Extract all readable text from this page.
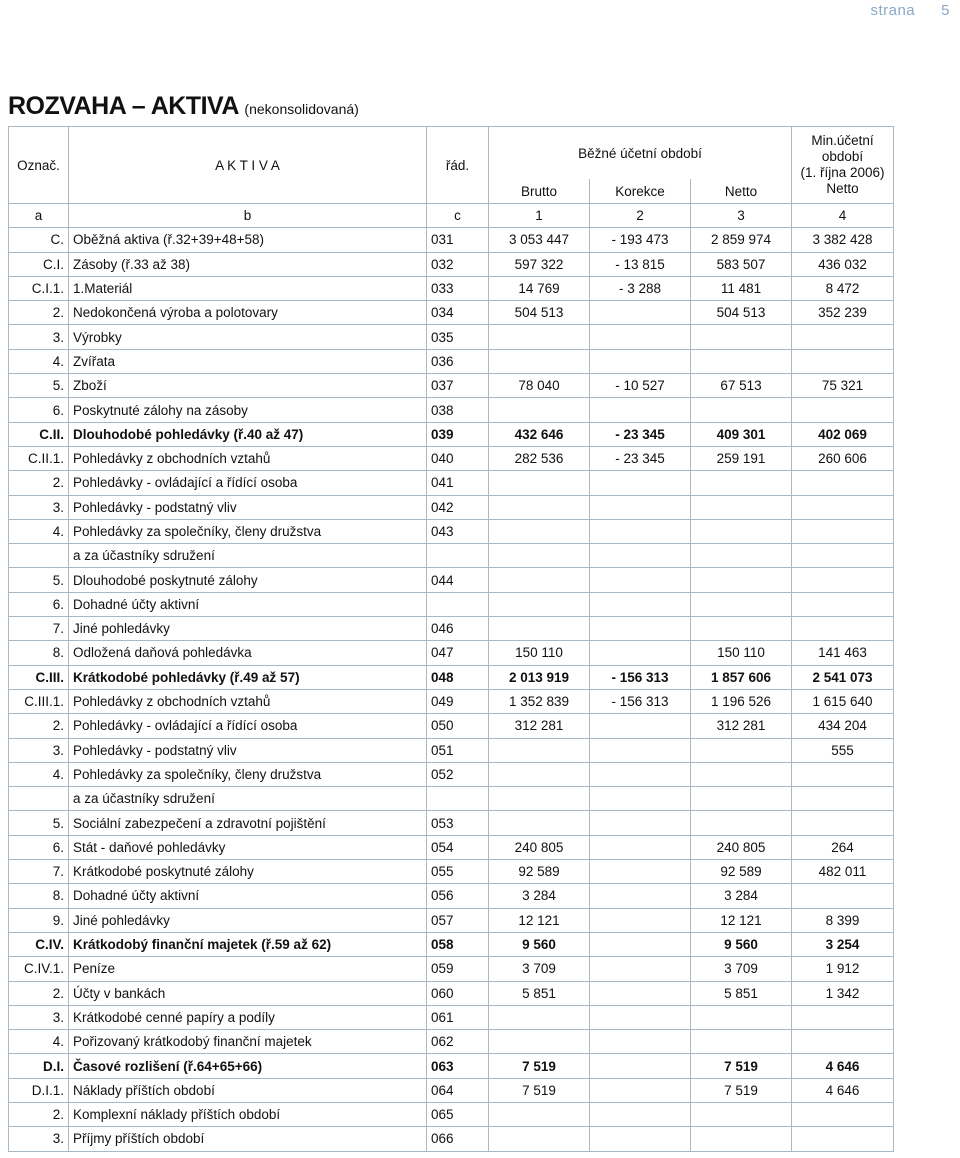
strana 5
ROZVAHA – AKTIVA (nekonsolidovaná)
Označ.	A K T I V A	řád.	Běžné účetní období			Min.účetní
období
(1. října 2006)
Netto

			Brutto	Korekce	Netto	
a	b	c	1	2	3	4
C.	Oběžná aktiva (ř.32+39+48+58)	031	3 053 447	- 193 473	2 859 974	3 382 428
C.I.	Zásoby (ř.33 až 38)	032	597 322	- 13 815	583 507	436 032
C.I.1.	1.Materiál	033	14 769	- 3 288	11 481	8 472
2.	Nedokončená výroba a polotovary	034	504 513		504 513	352 239
3.	Výrobky	035				
4.	Zvířata	036				
5.	Zboží	037	78 040	- 10 527	67 513	75 321
6.	Poskytnuté zálohy na zásoby	038				
C.II.	Dlouhodobé pohledávky (ř.40 až 47)	039	432 646	- 23 345	409 301	402 069
C.II.1.	Pohledávky z obchodních vztahů	040	282 536	- 23 345	259 191	260 606
2.	Pohledávky - ovládající a řídící osoba	041				
3.	Pohledávky - podstatný vliv	042				
4.	Pohledávky za společníky, členy družstva	043				
	a za účastníky sdružení					
5.	Dlouhodobé poskytnuté zálohy	044				
6.	Dohadné účty aktivní					
7.	Jiné pohledávky	046				
8.	Odložená daňová pohledávka	047	150 110		150 110	141 463
C.III.	Krátkodobé pohledávky (ř.49 až 57)	048	2 013 919	- 156 313	1 857 606	2 541 073
C.III.1.	Pohledávky z obchodních vztahů	049	1 352 839	- 156 313	1 196 526	1 615 640
2.	Pohledávky - ovládající a řídící osoba	050	312 281		312 281	434 204
3.	Pohledávky - podstatný vliv	051				555
4.	Pohledávky za společníky, členy družstva	052				
	a za účastníky sdružení					
5.	Sociální zabezpečení a zdravotní pojištění	053				
6.	Stát - daňové pohledávky	054	240 805		240 805	264
7.	Krátkodobé poskytnuté zálohy	055	92 589		92 589	482 011
8.	Dohadné účty aktivní	056	3 284		3 284	
9.	Jiné pohledávky	057	12 121		12 121	8 399
C.IV.	Krátkodobý finanční majetek (ř.59 až 62)	058	9 560		9 560	3 254
C.IV.1.	Peníze	059	3 709		3 709	1 912
2.	Účty v bankách	060	5 851		5 851	1 342
3.	Krátkodobé cenné papíry a podíly	061				
4.	Pořizovaný krátkodobý finanční majetek	062				
D.I.	Časové rozlišení (ř.64+65+66)	063	7 519		7 519	4 646
D.I.1.	Náklady příštích období	064	7 519		7 519	4 646
2.	Komplexní náklady příštích období	065				
3.	Příjmy příštích období	066				
